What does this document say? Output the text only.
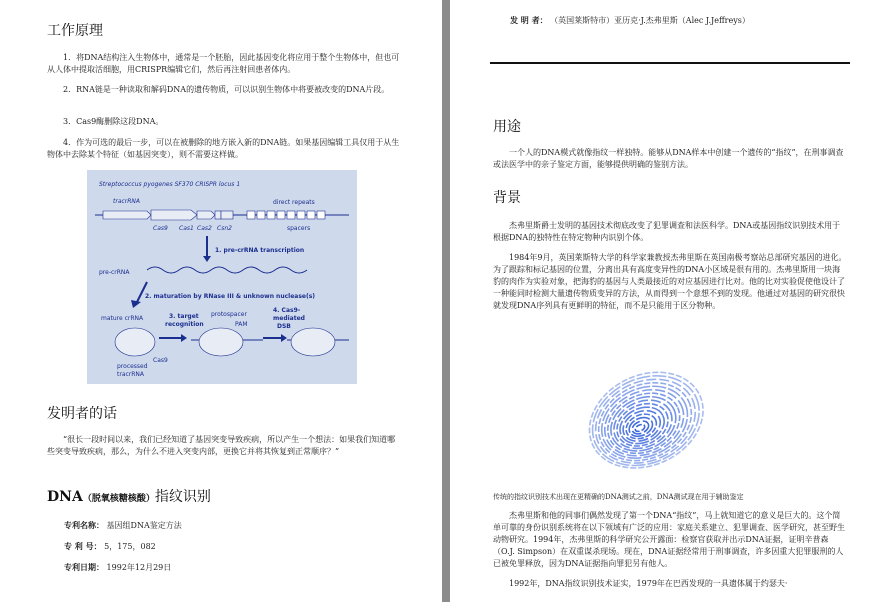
工作原理

1．将DNA结构注入生物体中，通常是一个胚胎，因此基因变化将应用于整个生物体中，但也可从人体中提取活细胞，用CRISPR编辑它们，然后再注射回患者体内。

2．RNA链是一种读取和解码DNA的遗传物质，可以识别生物体中将要被改变的DNA片段。

3．Cas9酶删除这段DNA。

4．作为可选的最后一步，可以在被删除的地方嵌入新的DNA链。如果基因编辑工具仅用于从生物体中去除某个特征（如基因突变），则不需要这样做。

Streptococcus pyogenes SF370 CRISPR locus 1
tracrRNA
Cas9 Cas1 Cas2 Csn2
direct repeats
spacers
1. pre-crRNA transcription
pre-crRNA
2. maturation by RNase III & unknown nuclease(s)
mature crRNA
Cas9
processed
tracrRNA
3. target
recognition
protospacer
PAM
4. Cas9-
mediated
DSB
发明者的话

“很长一段时间以来，我们已经知道了基因突变导致疾病，所以产生一个想法：如果我们知道哪些突变导致疾病，那么，为什么不进入突变内部，更换它并将其恢复到正常顺序？”

DNA（脱氧核糖核酸）指纹识别
专利名称： 基因组DNA鉴定方法
专 利 号： 5，175，082
专利日期： 1992年12月29日
发 明 者： （英国莱斯特市）亚历克·J.杰弗里斯（Alec J.Jeffreys）
用途

一个人的DNA模式就像指纹一样独特。能够从DNA样本中创建一个遗传的“指纹”，在刑事调查或法医学中的亲子鉴定方面，能够提供明确的鉴别方法。

背景

杰弗里斯爵士发明的基因技术彻底改变了犯罪调查和法医科学。DNA或基因指纹识别技术用于根据DNA的独特性在特定物种内识别个体。

1984年9月，英国莱斯特大学的科学家兼教授杰弗里斯在英国南极考察站总部研究基因的进化。为了跟踪和标记基因的位置，分离出具有高度变异性的DNA小区域是很有用的。杰弗里斯用一块海豹的肉作为实验对象，把海豹的基因与人类最接近的对应基因进行比对。他的比对实验促使他设计了一种能同时检测大量遗传物质变异的方法，从而得到一个意想不到的发现。他通过对基因的研究很快就发现DNA序列具有更鲜明的特征，而不是只能用于区分物种。

传统的指纹识别技术出现在更精确的DNA测试之前，DNA测试现在用于辅助鉴定

杰弗里斯和他的同事们偶然发现了第一个DNA“指纹”，马上就知道它的意义是巨大的。这个简单可靠的身份识别系统将在以下领域有广泛的应用：家庭关系建立、犯罪调查、医学研究，甚至野生动物研究。1994年，杰弗里斯的科学研究公开露面：检察官获取并出示DNA证据，证明辛普森（O.J. Simpson）在双重谋杀现场。现在，DNA证据经常用于刑事调查，许多因重大犯罪服刑的人已被免罪释放，因为DNA证据指向罪犯另有他人。

1992年，DNA指纹识别技术证实，1979年在巴西发现的一具遗体属于约瑟夫·
